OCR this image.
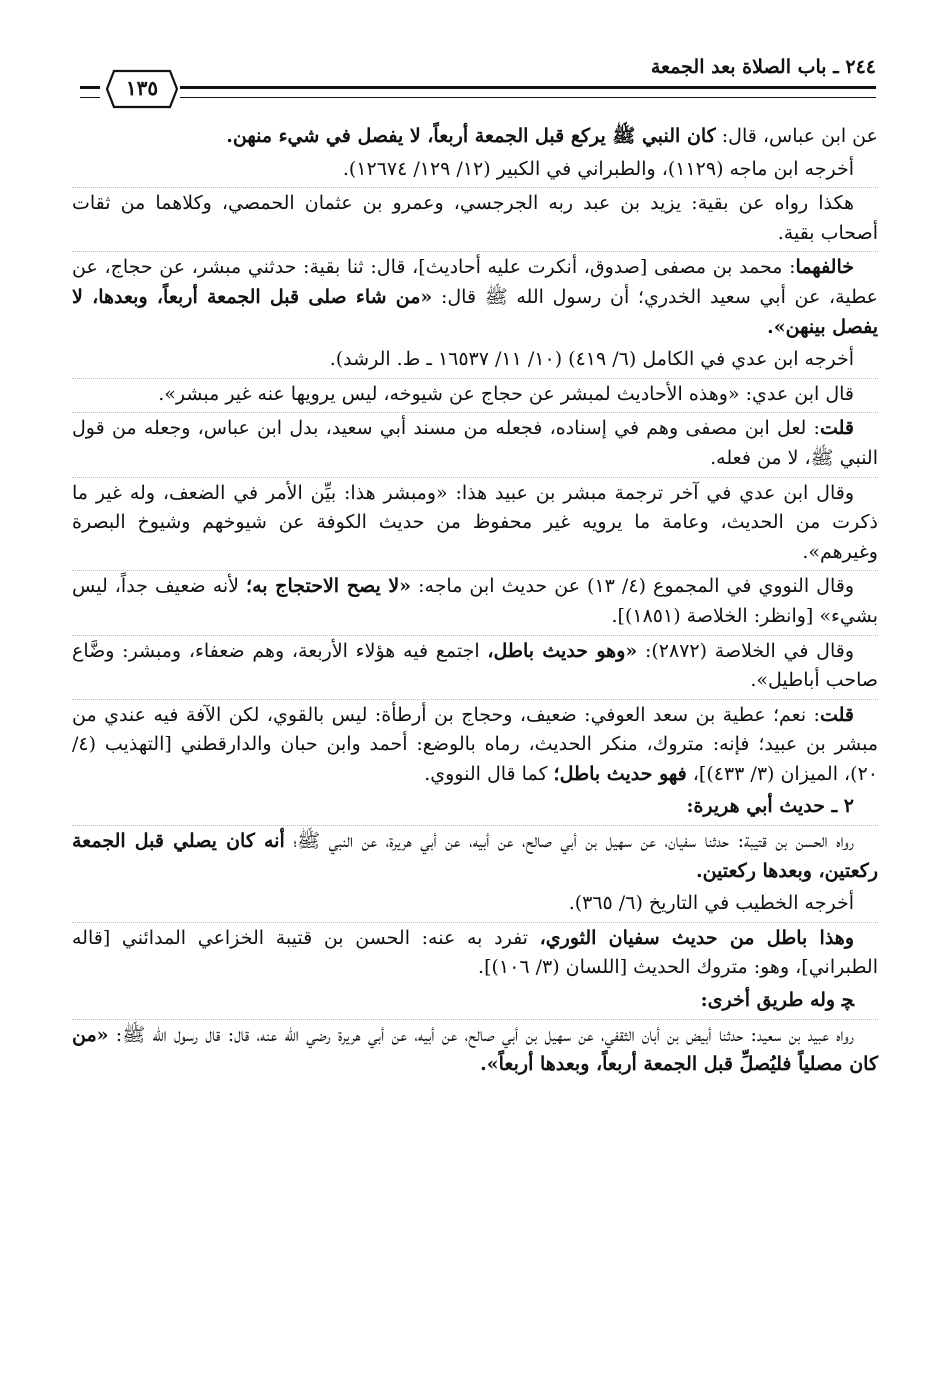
٢٤٤ ـ باب الصلاة بعد الجمعة
١٣٥

عن ابن عباس، قال: كان النبي ﷺ يركع قبل الجمعة أربعاً، لا يفصل في شيء منهن.

أخرجه ابن ماجه (١١٢٩)، والطبراني في الكبير (١٢/ ١٢٩/ ١٢٦٧٤).

هكذا رواه عن بقية: يزيد بن عبد ربه الجرجسي، وعمرو بن عثمان الحمصي، وكلاهما من ثقات أصحاب بقية.

خالفهما: محمد بن مصفى [صدوق، أنكرت عليه أحاديث]، قال: ثنا بقية: حدثني مبشر، عن حجاج، عن عطية، عن أبي سعيد الخدري؛ أن رسول الله ﷺ قال: «من شاء صلى قبل الجمعة أربعاً، وبعدها، لا يفصل بينهن».

أخرجه ابن عدي في الكامل (٦/ ٤١٩) (١٠/ ١١/ ١٦٥٣٧ ـ ط. الرشد).

قال ابن عدي: «وهذه الأحاديث لمبشر عن حجاج عن شيوخه، ليس يرويها عنه غير مبشر».

قلت: لعل ابن مصفى وهم في إسناده، فجعله من مسند أبي سعيد، بدل ابن عباس، وجعله من قول النبي ﷺ، لا من فعله.

وقال ابن عدي في آخر ترجمة مبشر بن عبيد هذا: «ومبشر هذا: بيِّن الأمر في الضعف، وله غير ما ذكرت من الحديث، وعامة ما يرويه غير محفوظ من حديث الكوفة عن شيوخهم وشيوخ البصرة وغيرهم».

وقال النووي في المجموع (٤/ ١٣) عن حديث ابن ماجه: «لا يصح الاحتجاج به؛ لأنه ضعيف جداً، ليس بشيء» [وانظر: الخلاصة (١٨٥١)].

وقال في الخلاصة (٢٨٧٢): «وهو حديث باطل، اجتمع فيه هؤلاء الأربعة، وهم ضعفاء، ومبشر: وضَّاع صاحب أباطيل».

قلت: نعم؛ عطية بن سعد العوفي: ضعيف، وحجاج بن أرطأة: ليس بالقوي، لكن الآفة فيه عندي من مبشر بن عبيد؛ فإنه: متروك، منكر الحديث، رماه بالوضع: أحمد وابن حبان والدارقطني [التهذيب (٤/ ٢٠)، الميزان (٣/ ٤٣٣)]، فهو حديث باطل؛ كما قال النووي.

٢ ـ حديث أبي هريرة:

رواه الحسن بن قتيبة: حدثنا سفيان، عن سهيل بن أبي صالح، عن أبيه، عن أبي هريرة، عن النبي ﷺ؛ أنه كان يصلي قبل الجمعة ركعتين، وبعدها ركعتين.

أخرجه الخطيب في التاريخ (٦/ ٣٦٥).

وهذا باطل من حديث سفيان الثوري، تفرد به عنه: الحسن بن قتيبة الخزاعي المدائني [قاله الطبراني]، وهو: متروك الحديث [اللسان (٣/ ١٠٦)].

ﭽ وله طريق أخرى:

رواه عبيد بن سعيد: حدثنا أبيض بن أبان الثقفي، عن سهيل بن أبي صالح، عن أبيه، عن أبي هريرة رضي الله عنه، قال: قال رسول الله ﷺ: «من كان مصلياً فليُصلِّ قبل الجمعة أربعاً، وبعدها أربعاً».
